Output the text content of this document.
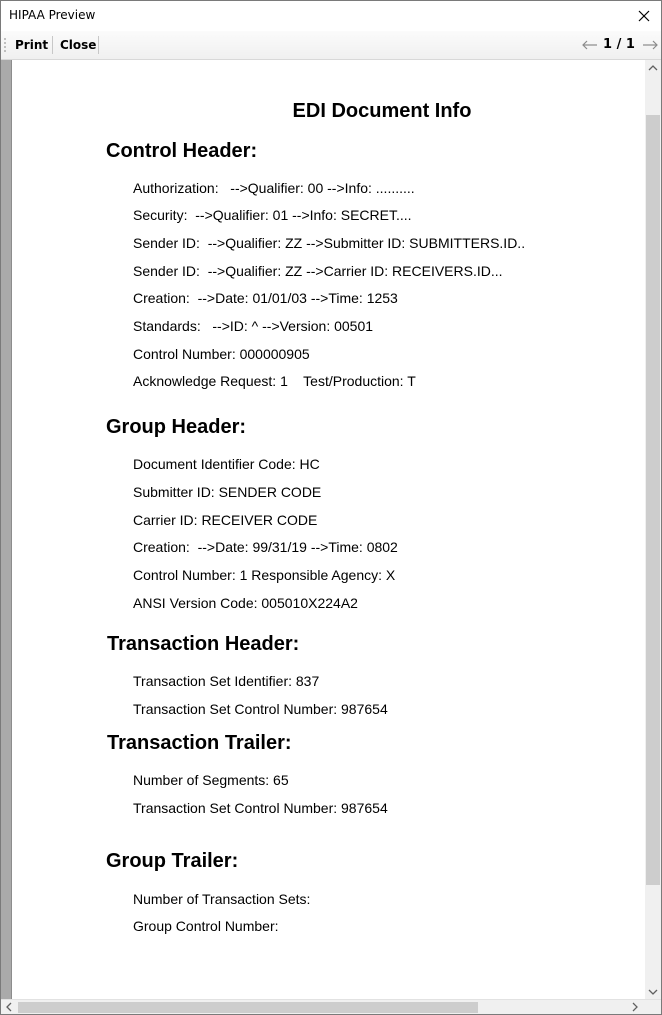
HIPAA Preview
Print Close	1 / 1
EDI Document Info
Control Header:
Authorization:   -->Qualifier: 00 -->Info: ..........
Security:  -->Qualifier: 01 -->Info: SECRET....
Sender ID:  -->Qualifier: ZZ -->Submitter ID: SUBMITTERS.ID..
Sender ID:  -->Qualifier: ZZ -->Carrier ID: RECEIVERS.ID...
Creation:  -->Date: 01/01/03 -->Time: 1253
Standards:   -->ID: ^ -->Version: 00501
Control Number: 000000905
Acknowledge Request: 1    Test/Production: T
Group Header:
Document Identifier Code: HC
Submitter ID: SENDER CODE
Carrier ID: RECEIVER CODE
Creation:  -->Date: 99/31/19 -->Time: 0802
Control Number: 1 Responsible Agency: X
ANSI Version Code: 005010X224A2
Transaction Header:
Transaction Set Identifier: 837
Transaction Set Control Number: 987654
Transaction Trailer:
Number of Segments: 65
Transaction Set Control Number: 987654
Group Trailer:
Number of Transaction Sets:
Group Control Number:
